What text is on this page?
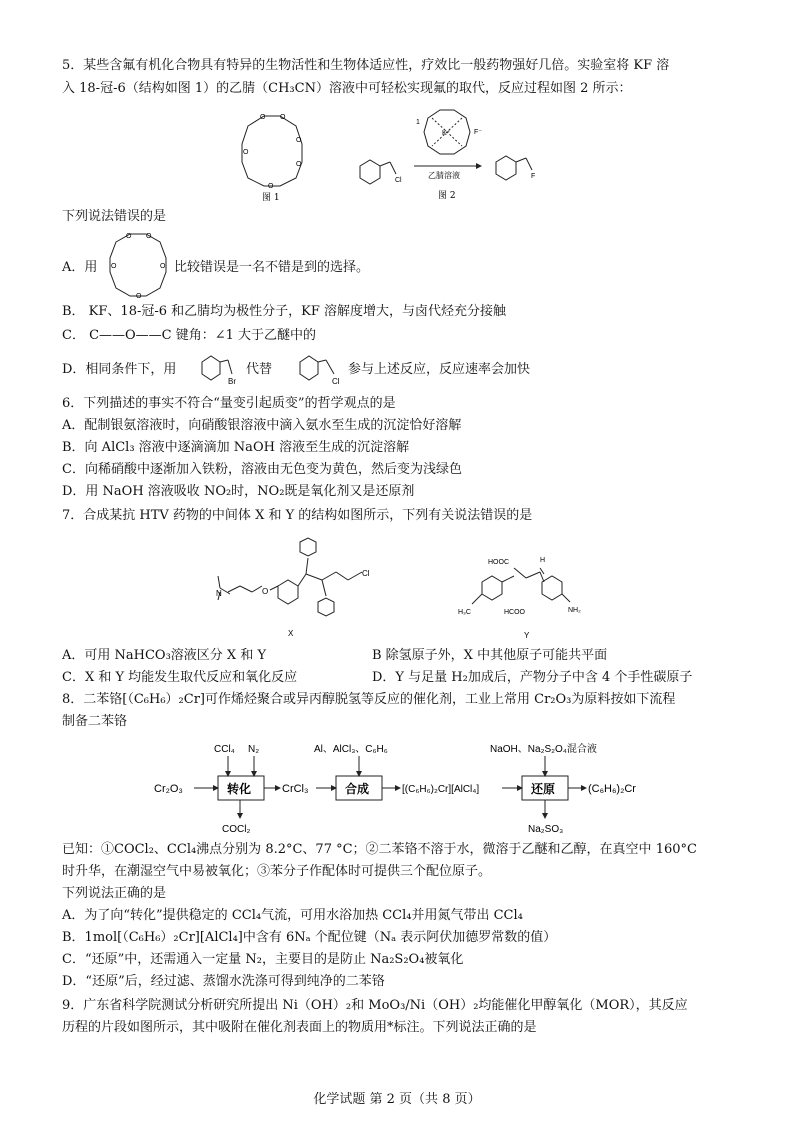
5．某些含氟有机化合物具有特异的生物活性和生物体适应性，疗效比一般药物强好几倍。实验室将 KF 溶
入 18-冠-6（结构如图 1）的乙腈（CH₃CN）溶液中可轻松实现氟的取代，反应过程如图 2 所示：
O O
O
O
O
O
图 1
Cl
K⁺	F⁻
1
乙腈溶液
图 2
F
下列说法错误的是
A．用
O O
O
O
O	比较错误是一名不错是到的选择。
B． KF、18-冠-6 和乙腈均为极性分子，KF 溶解度增大，与卤代烃充分接触
C． C——O——C 键角：∠1 大于乙醚中的
D．相同条件下，用
Br
代替
Cl
参与上述反应，反应速率会加快
6．下列描述的事实不符合“量变引起质变”的哲学观点的是
A．配制银氨溶液时，向硝酸银溶液中滴入氨水至生成的沉淀恰好溶解
B．向 AlCl₃ 溶液中逐滴滴加 NaOH 溶液至生成的沉淀溶解
C．向稀硝酸中逐渐加入铁粉，溶液由无色变为黄色，然后变为浅绿色
D．用 NaOH 溶液吸收 NO₂时，NO₂既是氧化剂又是还原剂
7．合成某抗 HTV 药物的中间体 X 和 Y 的结构如图所示，下列有关说法错误的是
N	O
Cl
X
HOOC	H
H₃C	HCOO	NH₂
Y
A．可用 NaHCO₃溶液区分 X 和 Y	B 除氢原子外，X 中其他原子可能共平面
C．X 和 Y 均能发生取代反应和氧化反应	D．Y 与足量 H₂加成后，产物分子中含 4 个手性碳原子
8．二苯铬[（C₆H₆）₂Cr]可作烯烃聚合或异丙醇脱氢等反应的催化剂，工业上常用 Cr₂O₃为原料按如下流程
制备二苯铬
Cr₂O₃	转化
CCl₄ N₂
COCl₂
CrCl₃	合成
Al、AlCl₃、C₆H₆
[(C₆H₆)₂Cr][AlCl₄]	还原
NaOH、Na₂S₂O₄混合液
Na₂SO₃
(C₆H₆)₂Cr
已知：①COCl₂、CCl₄沸点分别为 8.2°C、77 °C；②二苯铬不溶于水，微溶于乙醚和乙醇，在真空中 160°C
时升华，在潮湿空气中易被氧化；③苯分子作配体时可提供三个配位原子。
下列说法正确的是
A．为了向“转化”提供稳定的 CCl₄气流，可用水浴加热 CCl₄并用氮气带出 CCl₄
B．1mol[（C₆H₆）₂Cr][AlCl₄]中含有 6Nₐ 个配位键（Nₐ 表示阿伏加德罗常数的值）
C．“还原”中，还需通入一定量 N₂，主要目的是防止 Na₂S₂O₄被氧化
D．“还原”后，经过滤、蒸馏水洗涤可得到纯净的二苯铬
9．广东省科学院测试分析研究所提出 Ni（OH）₂和 MoO₃/Ni（OH）₂均能催化甲醇氧化（MOR），其反应
历程的片段如图所示，其中吸附在催化剂表面上的物质用*标注。下列说法正确的是
化学试题 第 2 页（共 8 页）
